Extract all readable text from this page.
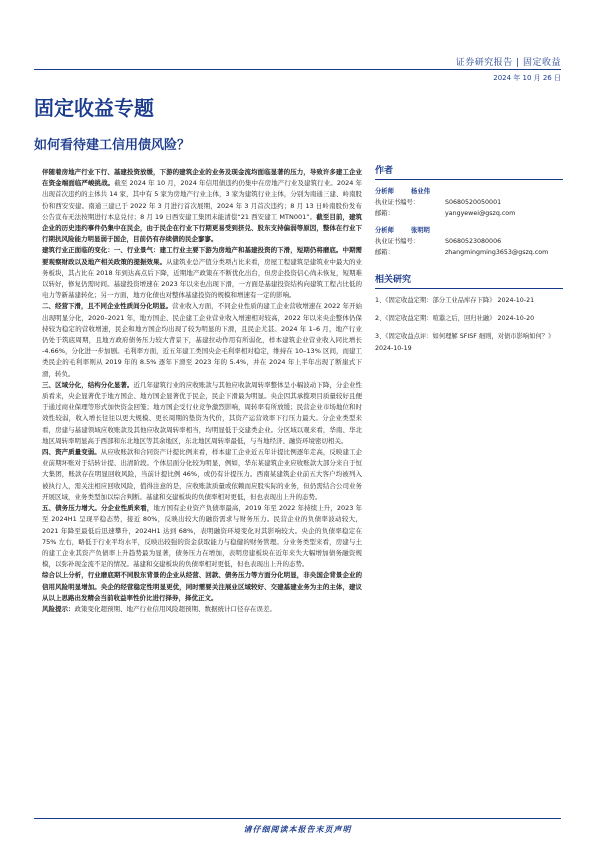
证券研究报告 | 固定收益
2024 年 10 月 26 日
固定收益专题
如何看待建工信用债风险？

伴随着房地产行业下行、基建投资放缓，下游的建筑企业的业务及现金流均面临显著的压力，导致许多建工企业在资金端面临严峻挑战。截至 2024 年 10 月，2024 年信用债违约仍集中在房地产行业及建筑行业。2024 年出现首次违约的主体共 14 家，其中有 5 家为房地产行业主体，3 家为建筑行业主体，分别为南通三建、岭南股份和西安安建。南通三建已于 2022 年 3 月进行首次展期，2024 年 3 月首次违约；8 月 13 日岭南股份发布公告宣布无法按期进行本息兑付；8 月 19 日西安建工集团未能清偿“21 西安建工 MTN001”。截至目前，建筑企业的历史违约事件仍集中在民企，由于民企在行业下行期更易受到挤兑、股东支持偏弱等原因，整体在行业下行期抗风险能力明显弱于国企，目前仍有存续债的民企寥寥。

建筑行业正面临的变化：一、行业景气：建工行业主要下游为房地产和基建投资的下滑，短期仍将磨底。中期需要观察财政以及地产相关政策的提振效果。从建筑业总产值分类项占比来看，房屋工程建筑是建筑业中最大的业务板块，其占比在 2018 年到达高点后下降，近期地产政策在不断优化出台，但房企投资信心尚未恢复，短期难以转好，修复仍需时间。基建投资增速在 2023 年以来也出现下滑，一方面是基建投资结构向建筑工程占比低的电力等新基建转化；另一方面，地方化债也对整体基建投资的规模和增速有一定的影响。

二、经营下滑，且不同企业性质间分化明显。营业收入方面，不同企业性质的建工企业营收增速在 2022 年开始出现明显分化，2020–2021 年，地方国企、民企建工企业营业收入增速相对较高，2022 年以来央企整体仍保持较为稳定的营收增速，民企和地方国企均出现了较为明显的下滑，且民企尤甚。2024 年 1–6 月，地产行业仍处于筑底周期，且地方政府债务压力较大背景下，基建拉动作用有所弱化，样本建筑企业营业收入同比增长 -4.66%，分化进一步加剧。毛利率方面，近五年建工类国央企毛利率相对稳定，维持在 10–13% 区间，而建工类民企的毛利率则从 2019 年的 8.5% 逐年下滑至 2023 年的 5.4%，并在 2024 年上半年出现了断崖式下滑，转负。

三、区域分化，结构分化显著。近几年建筑行业的应收账款与其他应收款周转率整体呈小幅波动下降，分企业性质看来，央企显著优于地方国企、地方国企显著优于民企，民企下滑最为明显。央企因其承揽项目质量较好且便于通过商业保理等形式加快资金回笼；地方国企受行业竞争激烈影响，周转率有所放缓；民营企业市场地位和时效性较弱，收入增长往往以更大规模、更长周期的垫资为代价，其资产运营效率下行压力最大。分企业类型来看，房建与基建领域应收账款及其他应收款周转率相当，均明显低于交建类企业。分区域以观来看，华南、华北地区周转率明显高于西部和东北地区等其余地区，东北地区周转率最低，与当地经济、融资环境密切相关。

四、资产质量变弱。从应收账款和合同资产计提比例来看，样本建工企业近五年计提比例逐年走高，反映建工企业前期坏账对于结转计提、出清阶段。个体层面分化较为明显，例如，华东某建筑企业应收账款大部分来自于恒大集团，账款存在明显回收风险，当前计提比例 46%，或仍有计提压力。西南某建筑企业前五大客户均被列入被执行人，需关注相应回收风险，值得注意的是，应收账款质量或依赖而应股实际的业务，但仍需结合公司业务开展区域，业务类型加以综合判断。基建和交建板块的负债率相对更低，但也表现出上升的态势。

五、债务压力增大。分企业性质来看，地方国有企业资产负债率最高，2019 年至 2022 年持续上升，2023 年至 2024H1 呈现平稳态势，接近 80%，反映出较大的融资需求与财务压力。民营企业的负债率波动较大，2021 年降至最低后迅速攀升，2024H1 达到 68%，表明融资环境变化对其影响较大。央企的负债率稳定在 75% 左右，略低于行业平均水平，反映出较强的资金获取能力与稳健的财务管理。分业务类型来看，房建与土的建工企业其资产负债率上升趋势最为显著，债务压力在增加，表明房建板块在近年来失大幅增加债务融资规模，以弥补现金流不足的情况。基建和交建板块的负债率相对更低，但也表现出上升的态势。

综合以上分析，行业磨底期不同股东背景的企业从经营、回款、债务压力等方面分化明显，非央国企背景企业的信用风险明显增加。央企的经营稳定性明显更优，同时需要关注展业区域较好、交建基建业务为主的主体，建议从以上思路出发精会当前收益率性价比进行择券，择优正文。

风险提示：政策变化超预期、地产行业信用风险超预期、数据统计口径存在误差。

作者
分析师	杨业伟
执业证书编号：	S0680520050001
邮箱：	yangyewei@gszq.com
分析师	张明明
执业证书编号：	S0680523080006
邮箱：	zhangmingming3653@gszq.com
相关研究
1、《固定收益定期：部分工业品库存下降》 2024-10-21
2、《固定收益定期：喧嚣之后，回归社融》 2024-10-20
3、《固定收益点评：如何理解 SFISF 细则，对债市影响如何？》 2024-10-19
请仔细阅读本报告末页声明
